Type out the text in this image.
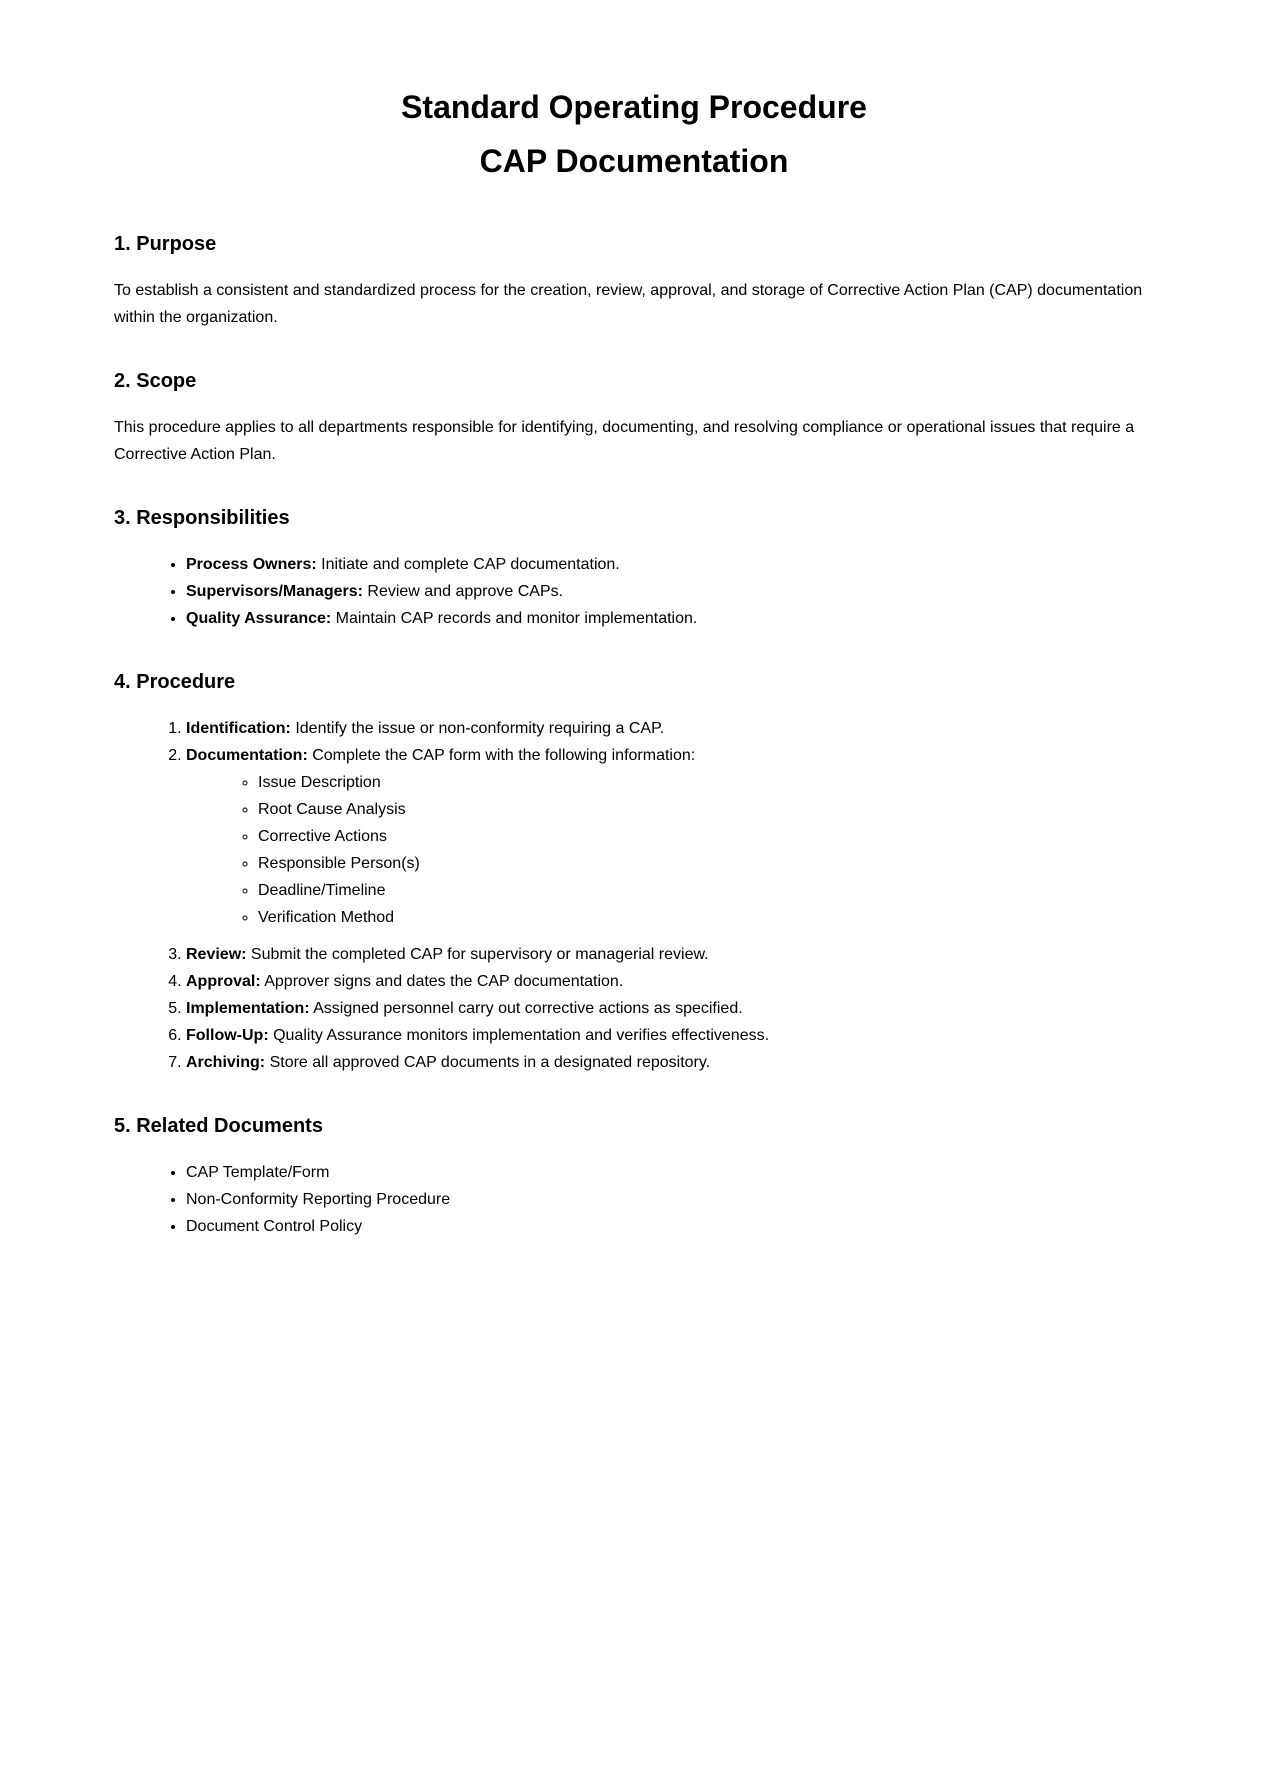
Standard Operating Procedure
CAP Documentation
1. Purpose

To establish a consistent and standardized process for the creation, review, approval, and storage of Corrective Action Plan (CAP) documentation within the organization.

2. Scope

This procedure applies to all departments responsible for identifying, documenting, and resolving compliance or operational issues that require a Corrective Action Plan.

3. Responsibilities
• Process Owners: Initiate and complete CAP documentation.
• Supervisors/Managers: Review and approve CAPs.
• Quality Assurance: Maintain CAP records and monitor implementation.
4. Procedure
1. Identification: Identify the issue or non-conformity requiring a CAP.
2. Documentation: Complete the CAP form with the following information:
◦ Issue Description
◦ Root Cause Analysis
◦ Corrective Actions
◦ Responsible Person(s)
◦ Deadline/Timeline
◦ Verification Method
3. Review: Submit the completed CAP for supervisory or managerial review.
4. Approval: Approver signs and dates the CAP documentation.
5. Implementation: Assigned personnel carry out corrective actions as specified.
6. Follow-Up: Quality Assurance monitors implementation and verifies effectiveness.
7. Archiving: Store all approved CAP documents in a designated repository.
5. Related Documents
• CAP Template/Form
• Non-Conformity Reporting Procedure
• Document Control Policy
